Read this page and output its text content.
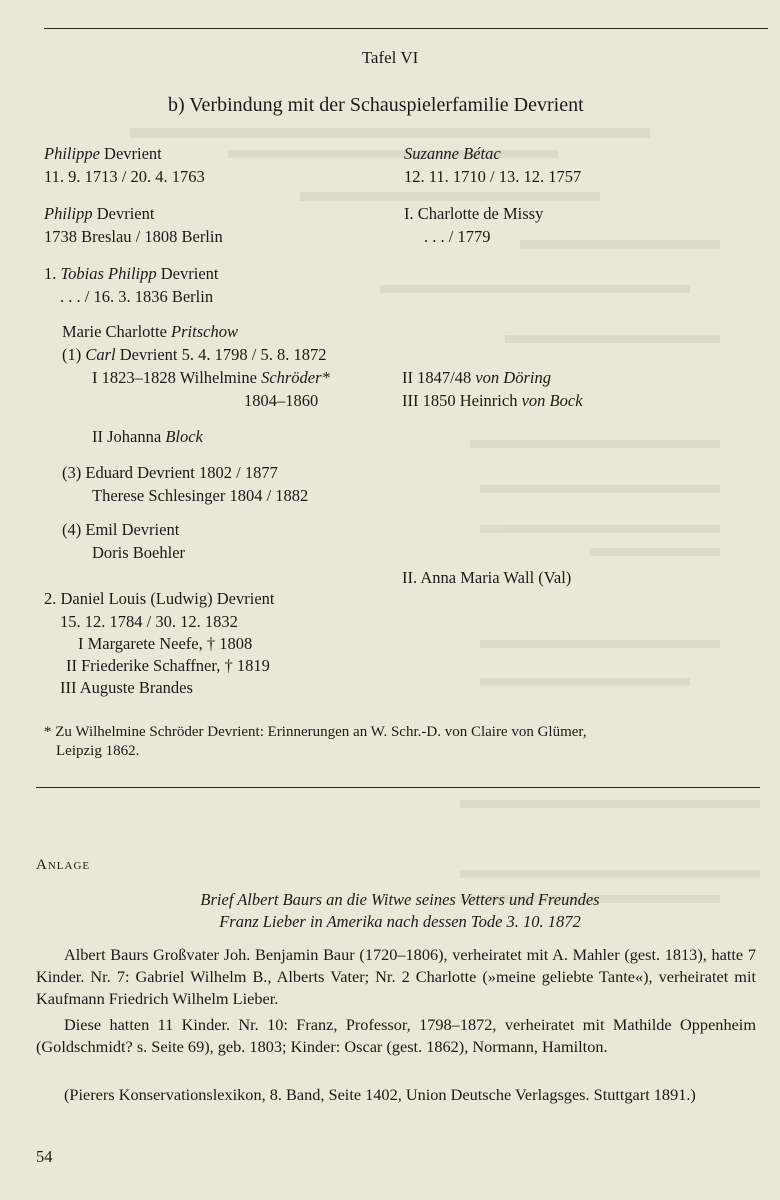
Tafel VI
b) Verbindung mit der Schauspielerfamilie Devrient
Philippe Devrient
11. 9. 1713 / 20. 4. 1763
Philipp Devrient
1738 Breslau / 1808 Berlin
1. Tobias Philipp Devrient
. . . / 16. 3. 1836 Berlin
Marie Charlotte Pritschow
(1) Carl Devrient 5. 4. 1798 / 5. 8. 1872
I 1823–1828 Wilhelmine Schröder*
1804–1860
II Johanna Block
(3) Eduard Devrient 1802 / 1877
Therese Schlesinger 1804 / 1882
(4) Emil Devrient
Doris Boehler
2. Daniel Louis (Ludwig) Devrient
15. 12. 1784 / 30. 12. 1832
I Margarete Neefe, † 1808
II Friederike Schaffner, † 1819
III Auguste Brandes
Suzanne Bétac
12. 11. 1710 / 13. 12. 1757
I. Charlotte de Missy
. . . / 1779
II 1847/48 von Döring
III 1850 Heinrich von Bock
II. Anna Maria Wall (Val)
* Zu Wilhelmine Schröder Devrient: Erinnerungen an W. Schr.-D. von Claire von Glümer,
Leipzig 1862.
Anlage
Brief Albert Baurs an die Witwe seines Vetters und Freundes
Franz Lieber in Amerika nach dessen Tode 3. 10. 1872
Albert Baurs Großvater Joh. Benjamin Baur (1720–1806), verheiratet mit A. Mahler (gest. 1813), hatte 7 Kinder. Nr. 7: Gabriel Wilhelm B., Alberts Vater; Nr. 2 Charlotte (»meine geliebte Tante«), verheiratet mit Kaufmann Friedrich Wilhelm Lieber.
Diese hatten 11 Kinder. Nr. 10: Franz, Professor, 1798–1872, verheiratet mit Mathilde Oppenheim (Goldschmidt? s. Seite 69), geb. 1803; Kinder: Oscar (gest. 1862), Normann, Hamilton.
(Pierers Konservationslexikon, 8. Band, Seite 1402, Union Deutsche Verlagsges. Stuttgart 1891.)
54
